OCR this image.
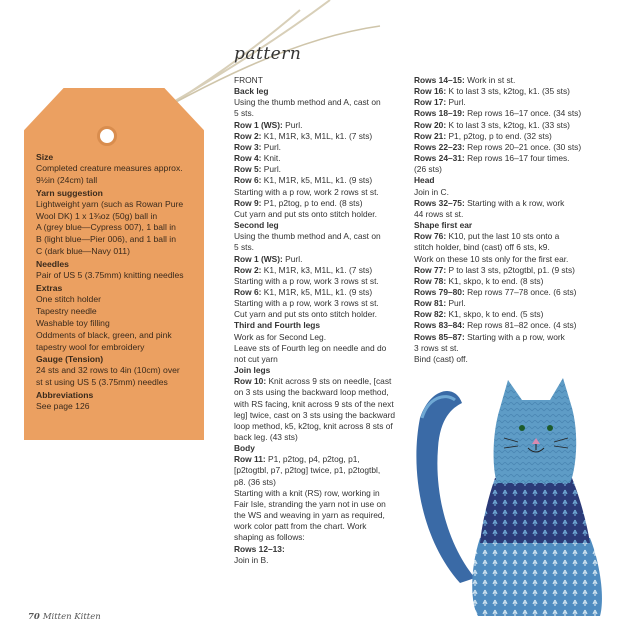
Size
Completed creature measures approx.
9½in (24cm) tall
Yarn suggestion
Lightweight yarn (such as Rowan Pure
Wool DK) 1 x 1¾oz (50g) ball in
A (grey blue—Cypress 007), 1 ball in
B (light blue—Pier 006), and 1 ball in
C (dark blue—Navy 011)
Needles
Pair of US 5 (3.75mm) knitting needles
Extras
One stitch holder
Tapestry needle
Washable toy filling
Oddments of black, green, and pink
tapestry wool for embroidery
Gauge (Tension)
24 sts and 32 rows to 4in (10cm) over
st st using US 5 (3.75mm) needles
Abbreviations
See page 126
pattern
FRONT
Back leg
Using the thumb method and A, cast on
5 sts.
Row 1 (WS): Purl.
Row 2: K1, M1R, k3, M1L, k1. (7 sts)
Row 3: Purl.
Row 4: Knit.
Row 5: Purl.
Row 6: K1, M1R, k5, M1L, k1. (9 sts)
Starting with a p row, work 2 rows st st.
Row 9: P1, p2tog, p to end. (8 sts)
Cut yarn and put sts onto stitch holder.
Second leg
Using the thumb method and A, cast on
5 sts.
Row 1 (WS): Purl.
Row 2: K1, M1R, k3, M1L, k1. (7 sts)
Starting with a p row, work 3 rows st st.
Row 6: K1, M1R, k5, M1L, k1. (9 sts)
Starting with a p row, work 3 rows st st.
Cut yarn and put sts onto stitch holder.
Third and Fourth legs
Work as for Second Leg.
Leave sts of Fourth leg on needle and do
not cut yarn
Join legs
Row 10: Knit across 9 sts on needle, [cast
on 3 sts using the backward loop method,
with RS facing, knit across 9 sts of the next
leg] twice, cast on 3 sts using the backward
loop method, k5, k2tog, knit across 8 sts of
back leg. (43 sts)
Body
Row 11: P1, p2tog, p4, p2tog, p1,
[p2togtbl, p7, p2tog] twice, p1, p2togtbl,
p8. (36 sts)
Starting with a knit (RS) row, working in
Fair Isle, stranding the yarn not in use on
the WS and weaving in yarn as required,
work color patt from the chart. Work
shaping as follows:
Rows 12–13:
Join in B.
Rows 14–15: Work in st st.
Row 16: K to last 3 sts, k2tog, k1. (35 sts)
Row 17: Purl.
Rows 18–19: Rep rows 16–17 once. (34 sts)
Row 20: K to last 3 sts, k2tog, k1. (33 sts)
Row 21: P1, p2tog, p to end. (32 sts)
Rows 22–23: Rep rows 20–21 once. (30 sts)
Rows 24–31: Rep rows 16–17 four times.
(26 sts)
Head
Join in C.
Rows 32–75: Starting with a k row, work
44 rows st st.
Shape first ear
Row 76: K10, put the last 10 sts onto a
stitch holder, bind (cast) off 6 sts, k9.
Work on these 10 sts only for the first ear.
Row 77: P to last 3 sts, p2togtbl, p1. (9 sts)
Row 78: K1, skpo, k to end. (8 sts)
Rows 79–80: Rep rows 77–78 once. (6 sts)
Row 81: Purl.
Row 82: K1, skpo, k to end. (5 sts)
Rows 83–84: Rep rows 81–82 once. (4 sts)
Rows 85–87: Starting with a p row, work
3 rows st st.
Bind (cast) off.
70 Mitten Kitten
